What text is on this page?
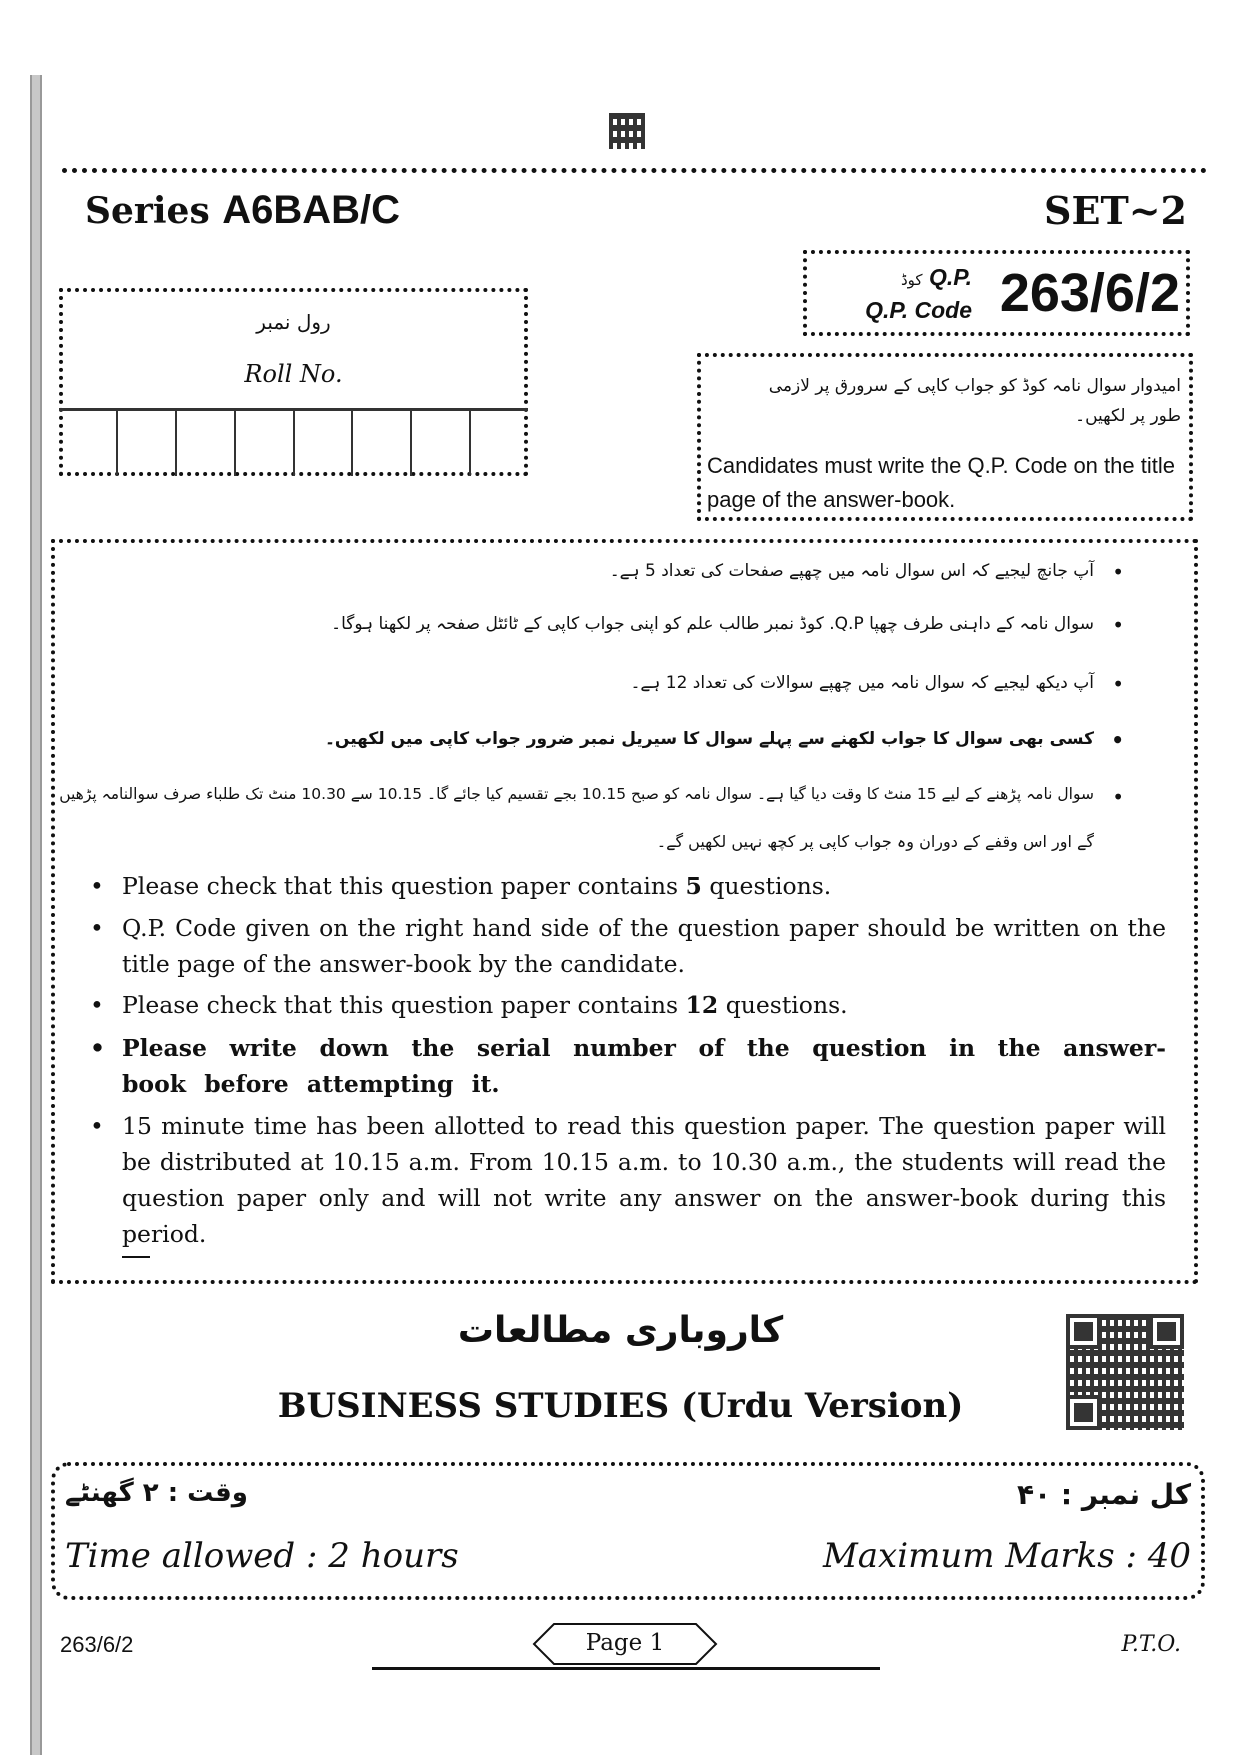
Series A6BAB/C	SET~2
کوڈ Q.P.
Q.P. Code 263/6/2
رول نمبر
Roll No.	امیدوار سوال نامہ کوڈ کو جواب کاپی کے سرورق پر لازمی طور پر لکھیں۔
Candidates must write the Q.P. Code on the title page of the answer-book.
• آپ جانچ لیجیے کہ اس سوال نامہ میں چھپے صفحات کی تعداد 5 ہے۔
• سوال نامہ کے داہنی طرف چھپا Q.P. کوڈ نمبر طالب علم کو اپنی جواب کاپی کے ٹائٹل صفحہ پر لکھنا ہوگا۔
• آپ دیکھ لیجیے کہ سوال نامہ میں چھپے سوالات کی تعداد 12 ہے۔
• کسی بھی سوال کا جواب لکھنے سے پہلے سوال کا سیریل نمبر ضرور جواب کاپی میں لکھیں۔
• سوال نامہ پڑھنے کے لیے 15 منٹ کا وقت دیا گیا ہے۔ سوال نامہ کو صبح 10.15 بجے تقسیم کیا جائے گا۔ 10.15 سے 10.30 منٹ تک طلباء صرف سوالنامہ پڑھیں
گے اور اس وقفے کے دوران وہ جواب کاپی پر کچھ نہیں لکھیں گے۔
• Please check that this question paper contains 5 questions.
• Q.P. Code given on the right hand side of the question paper should be written on the title page of the answer-book by the candidate.
• Please check that this question paper contains 12 questions.
• Please write down the serial number of the question in the answer-book before attempting it.
• 15 minute time has been allotted to read this question paper. The question paper will be distributed at 10.15 a.m. From 10.15 a.m. to 10.30 a.m., the students will read the question paper only and will not write any answer on the answer-book during this period.
کاروباری مطالعات
BUSINESS STUDIES (Urdu Version)
وقت : ۲ گھنٹے	کل نمبر : ۴۰
Time allowed : 2 hours	Maximum Marks : 40
263/6/2	Page 1	P.T.O.
